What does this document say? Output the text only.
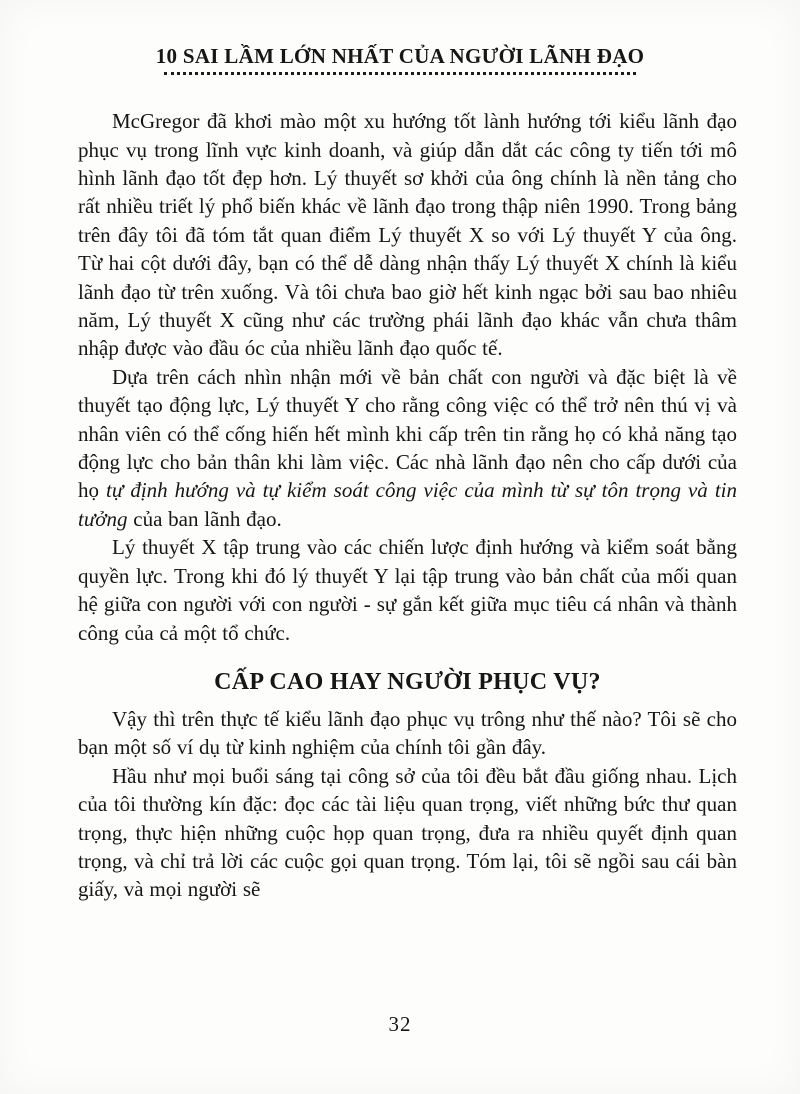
10 SAI LẦM LỚN NHẤT CỦA NGƯỜI LÃNH ĐẠO

McGregor đã khơi mào một xu hướng tốt lành hướng tới kiểu lãnh đạo phục vụ trong lĩnh vực kinh doanh, và giúp dẫn dắt các công ty tiến tới mô hình lãnh đạo tốt đẹp hơn. Lý thuyết sơ khởi của ông chính là nền tảng cho rất nhiều triết lý phổ biến khác về lãnh đạo trong thập niên 1990. Trong bảng trên đây tôi đã tóm tắt quan điểm Lý thuyết X so với Lý thuyết Y của ông. Từ hai cột dưới đây, bạn có thể dễ dàng nhận thấy Lý thuyết X chính là kiểu lãnh đạo từ trên xuống. Và tôi chưa bao giờ hết kinh ngạc bởi sau bao nhiêu năm, Lý thuyết X cũng như các trường phái lãnh đạo khác vẫn chưa thâm nhập được vào đầu óc của nhiều lãnh đạo quốc tế.

Dựa trên cách nhìn nhận mới về bản chất con người và đặc biệt là về thuyết tạo động lực, Lý thuyết Y cho rằng công việc có thể trở nên thú vị và nhân viên có thể cống hiến hết mình khi cấp trên tin rằng họ có khả năng tạo động lực cho bản thân khi làm việc. Các nhà lãnh đạo nên cho cấp dưới của họ tự định hướng và tự kiểm soát công việc của mình từ sự tôn trọng và tin tưởng của ban lãnh đạo.

Lý thuyết X tập trung vào các chiến lược định hướng và kiểm soát bằng quyền lực. Trong khi đó lý thuyết Y lại tập trung vào bản chất của mối quan hệ giữa con người với con người - sự gắn kết giữa mục tiêu cá nhân và thành công của cả một tổ chức.

CẤP CAO HAY NGƯỜI PHỤC VỤ?

Vậy thì trên thực tế kiểu lãnh đạo phục vụ trông như thế nào? Tôi sẽ cho bạn một số ví dụ từ kinh nghiệm của chính tôi gần đây.

Hầu như mọi buổi sáng tại công sở của tôi đều bắt đầu giống nhau. Lịch của tôi thường kín đặc: đọc các tài liệu quan trọng, viết những bức thư quan trọng, thực hiện những cuộc họp quan trọng, đưa ra nhiều quyết định quan trọng, và chỉ trả lời các cuộc gọi quan trọng. Tóm lại, tôi sẽ ngồi sau cái bàn giấy, và mọi người sẽ

32
